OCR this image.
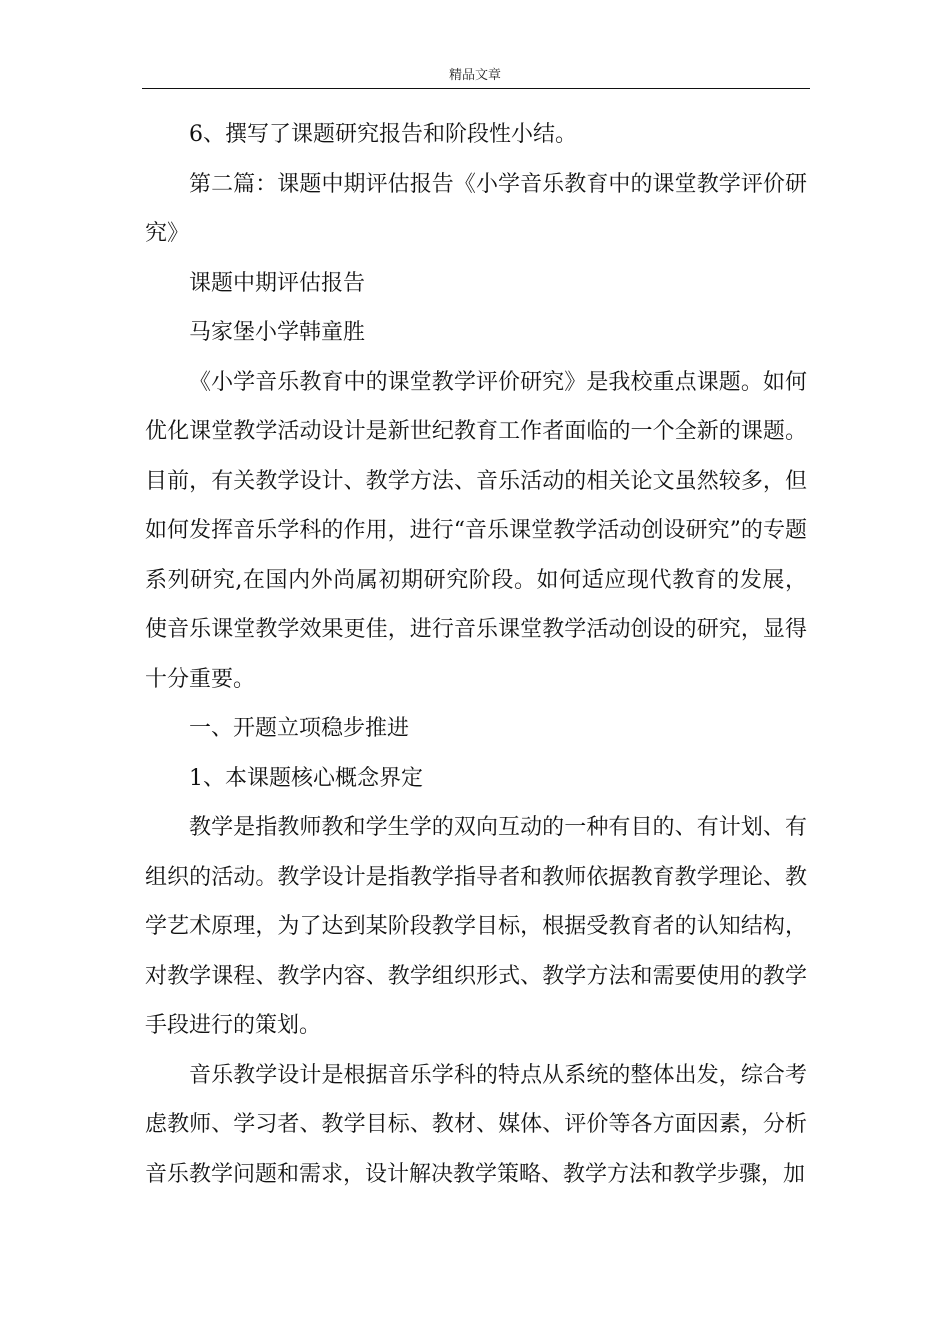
精品文章

6、撰写了课题研究报告和阶段性小结。

第二篇：课题中期评估报告《小学音乐教育中的课堂教学评价研究》

课题中期评估报告

马家堡小学韩童胜

《小学音乐教育中的课堂教学评价研究》是我校重点课题。如何优化课堂教学活动设计是新世纪教育工作者面临的一个全新的课题。目前，有关教学设计、教学方法、音乐活动的相关论文虽然较多，但如何发挥音乐学科的作用，进行“音乐课堂教学活动创设研究”的专题系列研究,在国内外尚属初期研究阶段。如何适应现代教育的发展，使音乐课堂教学效果更佳，进行音乐课堂教学活动创设的研究，显得十分重要。

一、开题立项稳步推进

1、本课题核心概念界定

教学是指教师教和学生学的双向互动的一种有目的、有计划、有组织的活动。教学设计是指教学指导者和教师依据教育教学理论、教学艺术原理，为了达到某阶段教学目标，根据受教育者的认知结构，对教学课程、教学内容、教学组织形式、教学方法和需要使用的教学手段进行的策划。

音乐教学设计是根据音乐学科的特点从系统的整体出发，综合考虑教师、学习者、教学目标、教材、媒体、评价等各方面因素，分析音乐教学问题和需求，设计解决教学策略、教学方法和教学步骤，加
